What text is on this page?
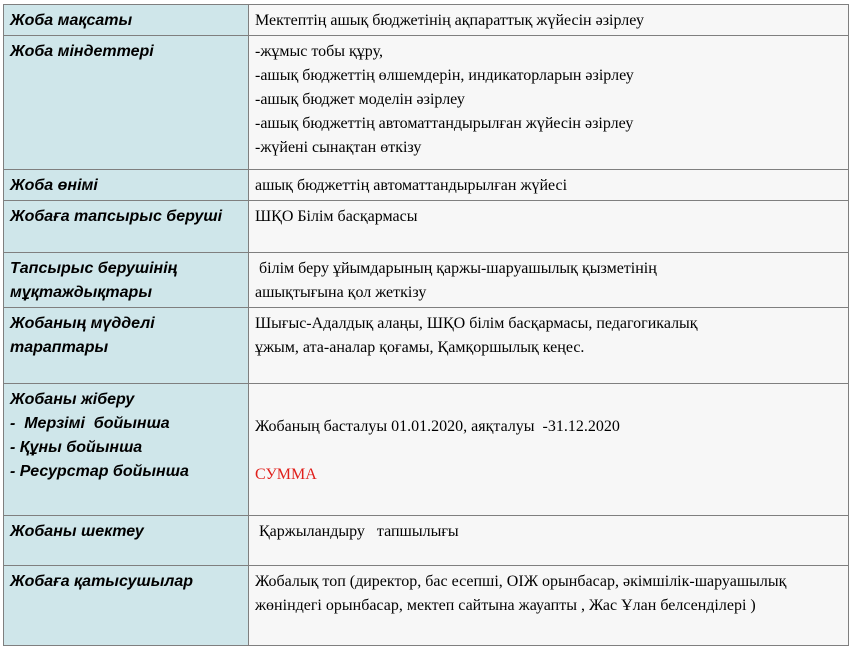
Жоба мақсаты	Мектептің ашық бюджетінің ақпараттық жүйесін әзірлеу

Жоба міндеттері	-жұмыс тобы құру,
-ашық бюджеттің өлшемдерін, индикаторларын әзірлеу
-ашық бюджет моделін әзірлеу
-ашық бюджеттің автоматтандырылған жүйесін әзірлеу
-жүйені сынақтан өткізу

Жоба өнімі	ашық бюджеттің автоматтандырылған жүйесі

Жобаға тапсырыс беруші	ШҚО Білім басқармасы

Тапсырыс берушінің
мұқтаждықтары	білім беру ұйымдарының қаржы-шаруашылық қызметінің
ашықтығына қол жеткізу

Жобаның мүдделі
тараптары	Шығыс-Адалдық алаңы, ШҚО білім басқармасы, педагогикалық
ұжым, ата-аналар қоғамы, Қамқоршылық кеңес.

Жобаны жіберу
-  Мерзімі  бойынша
- Құны бойынша
- Ресурстар бойынша	Жобаның басталуы 01.01.2020, аяқталуы  -31.12.2020
СУММА

Жобаны шектеу	Қаржыландыру   тапшылығы

Жобаға қатысушылар	Жобалық топ (директор, бас есепші, ОІЖ орынбасар, әкімшілік-шаруашылық жөніндегі орынбасар, мектеп сайтына жауапты , Жас Ұлан белсенділері )
